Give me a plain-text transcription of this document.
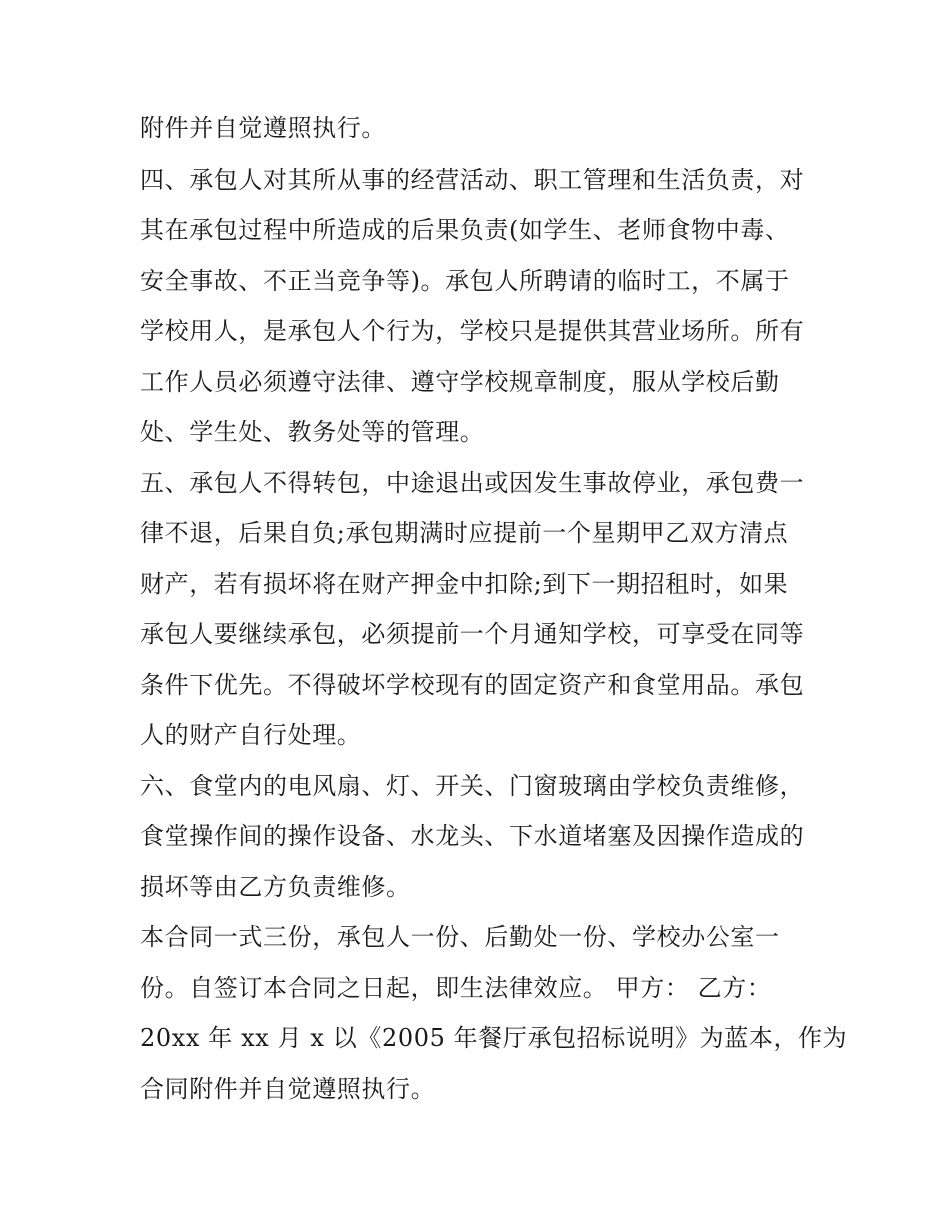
附件并自觉遵照执行。
四、承包人对其所从事的经营活动、职工管理和生活负责，对
其在承包过程中所造成的后果负责(如学生、老师食物中毒、
安全事故、不正当竞争等)。承包人所聘请的临时工，不属于
学校用人，是承包人个行为，学校只是提供其营业场所。所有
工作人员必须遵守法律、遵守学校规章制度，服从学校后勤
处、学生处、教务处等的管理。
五、承包人不得转包，中途退出或因发生事故停业，承包费一
律不退，后果自负;承包期满时应提前一个星期甲乙双方清点
财产，若有损坏将在财产押金中扣除;到下一期招租时，如果
承包人要继续承包，必须提前一个月通知学校，可享受在同等
条件下优先。不得破坏学校现有的固定资产和食堂用品。承包
人的财产自行处理。
六、食堂内的电风扇、灯、开关、门窗玻璃由学校负责维修，
食堂操作间的操作设备、水龙头、下水道堵塞及因操作造成的
损坏等由乙方负责维修。
本合同一式三份，承包人一份、后勤处一份、学校办公室一
份。自签订本合同之日起，即生法律效应。 甲方： 乙方：
20xx 年 xx 月 x 以《2005 年餐厅承包招标说明》为蓝本，作为
合同附件并自觉遵照执行。
